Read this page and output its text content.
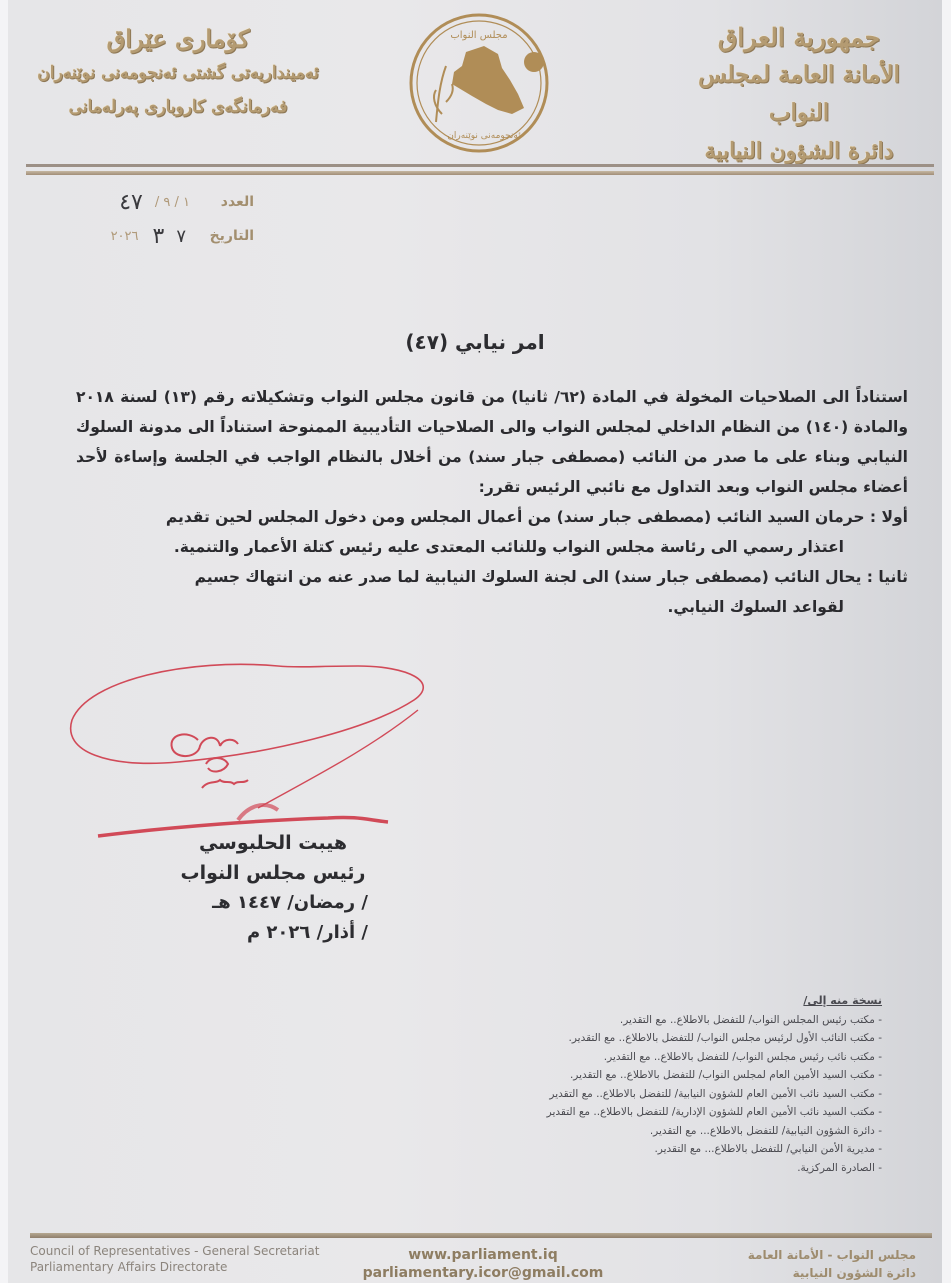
کۆماری عێراق
ئەمینداریەتی گشتی ئەنجومەنی نوێنەران
فەرمانگەی کاروباری پەرلەمانی
مجلس النواب
ئەنجومەنی نوێنەران
جمهورية العراق
الأمانة العامة لمجلس النواب
دائرة الشؤون النيابية
العدد
١ / ٩ /
٤٧
التاريخ
٧
٣
٢٠٢٦
امر نيابي (٤٧)

استناداً الى الصلاحيات المخولة في المادة (٦٢/ ثانيا) من قانون مجلس النواب وتشكيلاته رقم (١٣) لسنة ٢٠١٨ والمادة (١٤٠) من النظام الداخلي لمجلس النواب والى الصلاحيات التأديبية الممنوحة استناداً الى مدونة السلوك النيابي وبناء على ما صدر من النائب (مصطفى جبار سند) من أخلال بالنظام الواجب في الجلسة وإساءة لأحد أعضاء مجلس النواب وبعد التداول مع نائبي الرئيس تقرر:

أولا : حرمان السيد النائب (مصطفى جبار سند) من أعمال المجلس ومن دخول المجلس لحين تقديم

اعتذار رسمي الى رئاسة مجلس النواب وللنائب المعتدى عليه رئيس كتلة الأعمار والتنمية.

ثانيا : يحال النائب (مصطفى جبار سند) الى لجنة السلوك النيابية لما صدر عنه من انتهاك جسيم

لقواعد السلوك النيابي.

هيبت الحلبوسي
رئيس مجلس النواب
/ رمضان/ ١٤٤٧ هـ
/ أذار/ ٢٠٢٦ م
نسخة منه إلى/
- مكتب رئيس المجلس النواب/ للتفضل بالاطلاع.. مع التقدير.
- مكتب النائب الأول لرئيس مجلس النواب/ للتفضل بالاطلاع.. مع التقدير.
- مكتب نائب رئيس مجلس النواب/ للتفضل بالاطلاع.. مع التقدير.
- مكتب السيد الأمين العام لمجلس النواب/ للتفضل بالاطلاع.. مع التقدير.
- مكتب السيد نائب الأمين العام للشؤون النيابية/ للتفضل بالاطلاع.. مع التقدير
- مكتب السيد نائب الأمين العام للشؤون الإدارية/ للتفضل بالاطلاع.. مع التقدير
- دائرة الشؤون النيابية/ للتفضل بالاطلاع... مع التقدير.
- مديرية الأمن النيابي/ للتفضل بالاطلاع... مع التقدير.
- الصادرة المركزية.
Council of Representatives - General Secretariat
Parliamentary Affairs Directorate
www.parliament.iq
parliamentary.icor@gmail.com
مجلس النواب - الأمانة العامة
دائرة الشؤون النيابية
